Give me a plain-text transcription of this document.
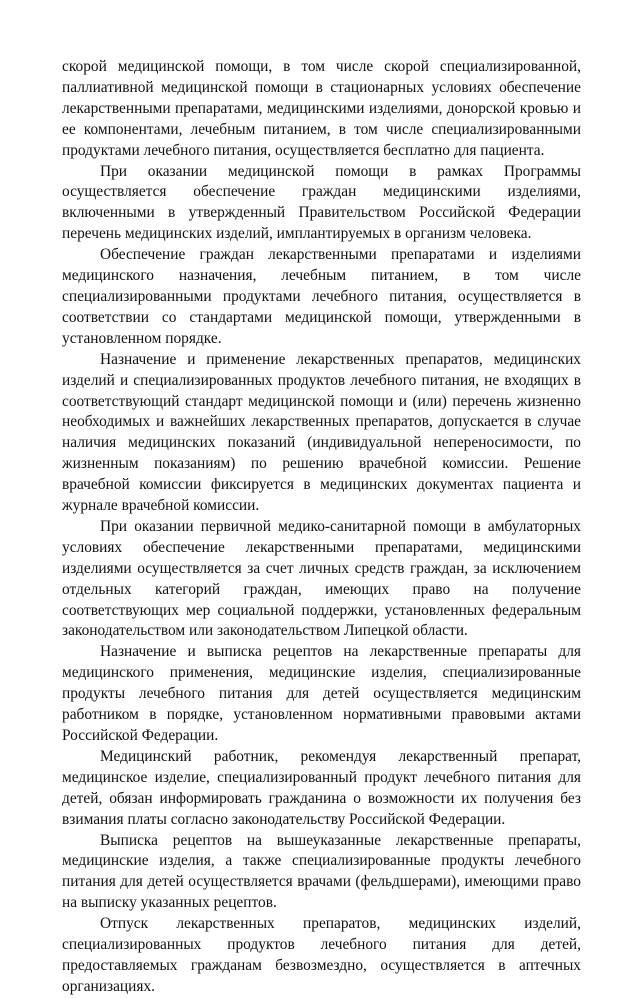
скорой медицинской помощи, в том числе скорой специализированной, паллиативной медицинской помощи в стационарных условиях обеспечение лекарственными препаратами, медицинскими изделиями, донорской кровью и ее компонентами, лечебным питанием, в том числе специализированными продуктами лечебного питания, осуществляется бесплатно для пациента.

При оказании медицинской помощи в рамках Программы осуществляется обеспечение граждан медицинскими изделиями, включенными в утвержденный Правительством Российской Федерации перечень медицинских изделий, имплантируемых в организм человека.

Обеспечение граждан лекарственными препаратами и изделиями медицинского назначения, лечебным питанием, в том числе специализированными продуктами лечебного питания, осуществляется в соответствии со стандартами медицинской помощи, утвержденными в установленном порядке.

Назначение и применение лекарственных препаратов, медицинских изделий и специализированных продуктов лечебного питания, не входящих в соответствующий стандарт медицинской помощи и (или) перечень жизненно необходимых и важнейших лекарственных препаратов, допускается в случае наличия медицинских показаний (индивидуальной непереносимости, по жизненным показаниям) по решению врачебной комиссии. Решение врачебной комиссии фиксируется в медицинских документах пациента и журнале врачебной комиссии.

При оказании первичной медико-санитарной помощи в амбулаторных условиях обеспечение лекарственными препаратами, медицинскими изделиями осуществляется за счет личных средств граждан, за исключением отдельных категорий граждан, имеющих право на получение соответствующих мер социальной поддержки, установленных федеральным законодательством или законодательством Липецкой области.

Назначение и выписка рецептов на лекарственные препараты для медицинского применения, медицинские изделия, специализированные продукты лечебного питания для детей осуществляется медицинским работником в порядке, установленном нормативными правовыми актами Российской Федерации.

Медицинский работник, рекомендуя лекарственный препарат, медицинское изделие, специализированный продукт лечебного питания для детей, обязан информировать гражданина о возможности их получения без взимания платы согласно законодательству Российской Федерации.

Выписка рецептов на вышеуказанные лекарственные препараты, медицинские изделия, а также специализированные продукты лечебного питания для детей осуществляется врачами (фельдшерами), имеющими право на выписку указанных рецептов.

Отпуск лекарственных препаратов, медицинских изделий, специализированных продуктов лечебного питания для детей, предоставляемых гражданам безвозмездно, осуществляется в аптечных организациях.
